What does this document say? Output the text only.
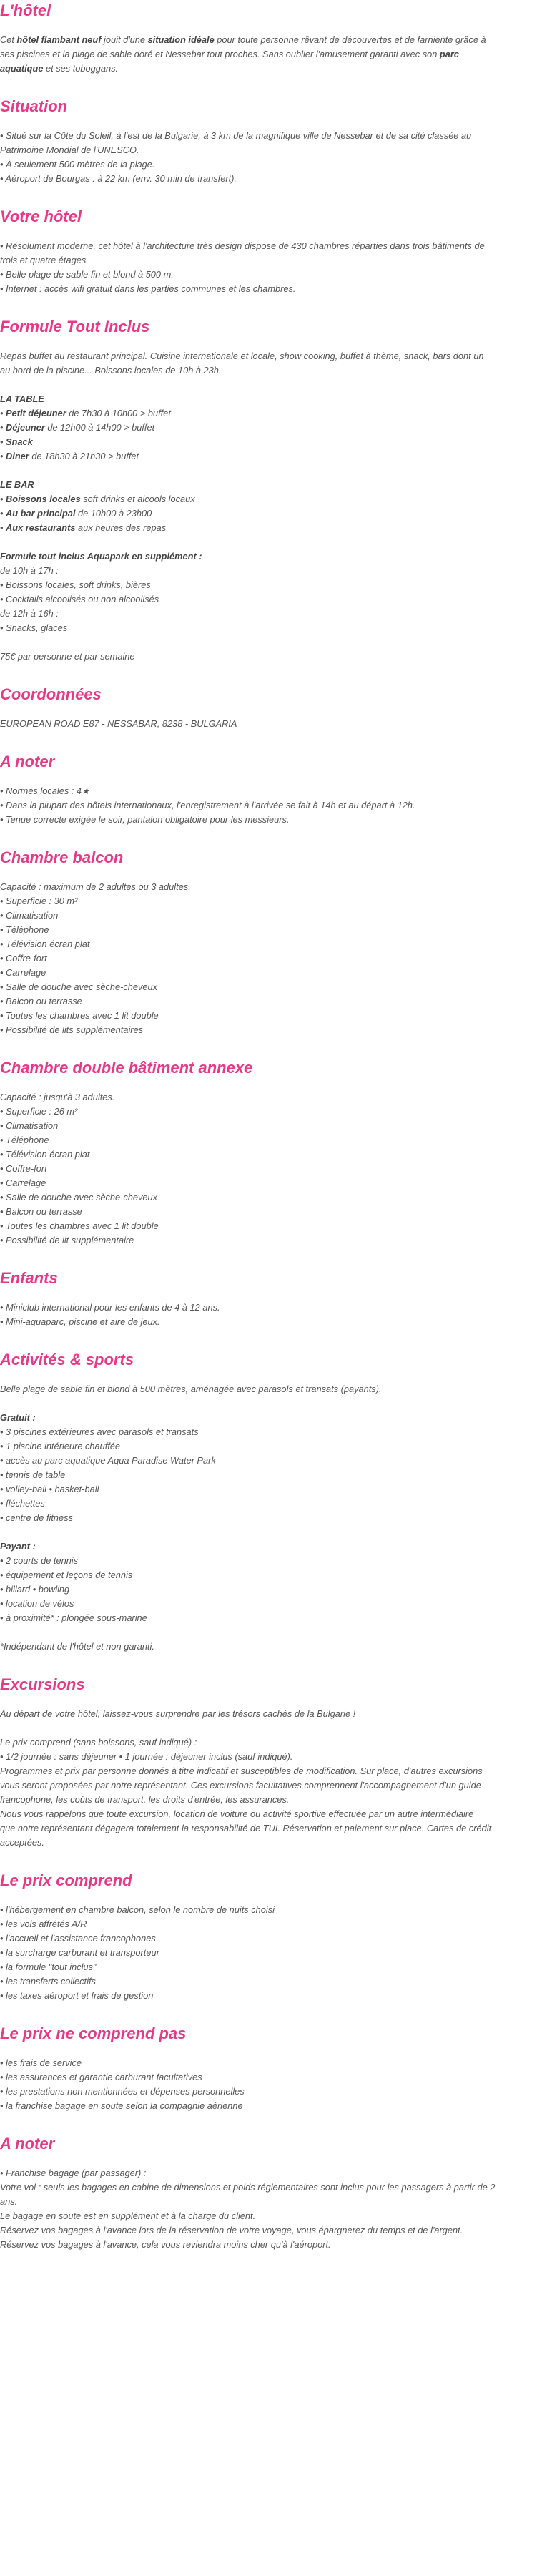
L'hôtel
Cet hôtel flambant neuf jouit d'une situation idéale pour toute personne rêvant de découvertes et de farniente grâce à
ses piscines et la plage de sable doré et Nessebar tout proches. Sans oublier l'amusement garanti avec son parc
aquatique et ses toboggans.
Situation
• Situé sur la Côte du Soleil, à l'est de la Bulgarie, à 3 km de la magnifique ville de Nessebar et de sa cité classée au
Patrimoine Mondial de l'UNESCO.
• À seulement 500 mètres de la plage.
• Aéroport de Bourgas : à 22 km (env. 30 min de transfert).
Votre hôtel
• Résolument moderne, cet hôtel à l'architecture très design dispose de 430 chambres réparties dans trois bâtiments de
trois et quatre étages.
• Belle plage de sable fin et blond à 500 m.
• Internet : accès wifi gratuit dans les parties communes et les chambres.
Formule Tout Inclus
Repas buffet au restaurant principal. Cuisine internationale et locale, show cooking, buffet à thème, snack, bars dont un
au bord de la piscine... Boissons locales de 10h à 23h.
LA TABLE
• Petit déjeuner de 7h30 à 10h00 > buffet
• Déjeuner de 12h00 à 14h00 > buffet
• Snack
• Diner de 18h30 à 21h30 > buffet
LE BAR
• Boissons locales soft drinks et alcools locaux
• Au bar principal de 10h00 à 23h00
• Aux restaurants aux heures des repas
Formule tout inclus Aquapark en supplément :
de 10h à 17h :
• Boissons locales, soft drinks, bières
• Cocktails alcoolisés ou non alcoolisés
de 12h à 16h :
• Snacks, glaces
75€ par personne et par semaine
Coordonnées
EUROPEAN ROAD E87 - NESSABAR, 8238 - BULGARIA
A noter
• Normes locales : 4★
• Dans la plupart des hôtels internationaux, l'enregistrement à l'arrivée se fait à 14h et au départ à 12h.
• Tenue correcte exigée le soir, pantalon obligatoire pour les messieurs.
Chambre balcon
Capacité : maximum de 2 adultes ou 3 adultes.
• Superficie : 30 m²
• Climatisation
• Téléphone
• Télévision écran plat
• Coffre-fort
• Carrelage
• Salle de douche avec sèche-cheveux
• Balcon ou terrasse
• Toutes les chambres avec 1 lit double
• Possibilité de lits supplémentaires
Chambre double bâtiment annexe
Capacité : jusqu'à 3 adultes.
• Superficie : 26 m²
• Climatisation
• Téléphone
• Télévision écran plat
• Coffre-fort
• Carrelage
• Salle de douche avec sèche-cheveux
• Balcon ou terrasse
• Toutes les chambres avec 1 lit double
• Possibilité de lit supplémentaire
Enfants
• Miniclub international pour les enfants de 4 à 12 ans.
• Mini-aquaparc, piscine et aire de jeux.
Activités & sports
Belle plage de sable fin et blond à 500 mètres, aménagée avec parasols et transats (payants).
Gratuit :
• 3 piscines extérieures avec parasols et transats
• 1 piscine intérieure chauffée
• accès au parc aquatique Aqua Paradise Water Park
• tennis de table
• volley-ball • basket-ball
• fléchettes
• centre de fitness
Payant :
• 2 courts de tennis
• équipement et leçons de tennis
• billard • bowling
• location de vélos
• à proximité* : plongée sous-marine
*Indépendant de l'hôtel et non garanti.
Excursions
Au départ de votre hôtel, laissez-vous surprendre par les trésors cachés de la Bulgarie !
Le prix comprend (sans boissons, sauf indiqué) :
• 1/2 journée : sans déjeuner • 1 journée : déjeuner inclus (sauf indiqué).
Programmes et prix par personne donnés à titre indicatif et susceptibles de modification. Sur place, d'autres excursions
vous seront proposées par notre représentant. Ces excursions facultatives comprennent l'accompagnement d'un guide
francophone, les coûts de transport, les droits d'entrée, les assurances.
Nous vous rappelons que toute excursion, location de voiture ou activité sportive effectuée par un autre intermédiaire
que notre représentant dégagera totalement la responsabilité de TUI. Réservation et paiement sur place. Cartes de crédit
acceptées.
Le prix comprend
• l'hébergement en chambre balcon, selon le nombre de nuits choisi
• les vols affrétés A/R
• l'accueil et l'assistance francophones
• la surcharge carburant et transporteur
• la formule "tout inclus"
• les transferts collectifs
• les taxes aéroport et frais de gestion
Le prix ne comprend pas
• les frais de service
• les assurances et garantie carburant facultatives
• les prestations non mentionnées et dépenses personnelles
• la franchise bagage en soute selon la compagnie aérienne
A noter
• Franchise bagage (par passager) :
Votre vol : seuls les bagages en cabine de dimensions et poids réglementaires sont inclus pour les passagers à partir de 2
ans.
Le bagage en soute est en supplément et à la charge du client.
Réservez vos bagages à l'avance lors de la réservation de votre voyage, vous épargnerez du temps et de l'argent.
Réservez vos bagages à l'avance, cela vous reviendra moins cher qu'à l'aéroport.
